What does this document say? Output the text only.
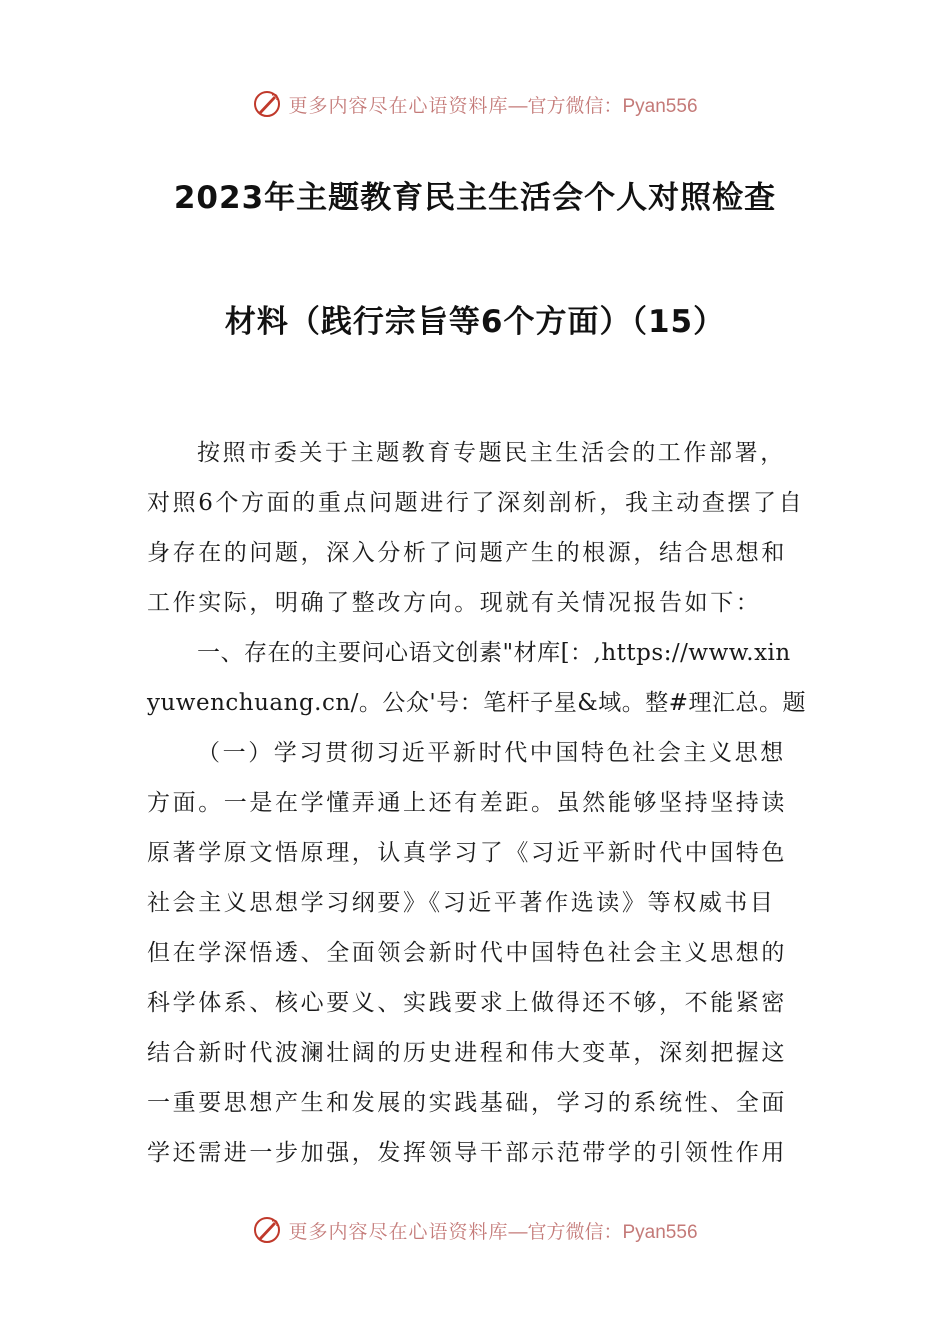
更多内容尽在心语资料库 —官方微信：Pyan556
2023年主题教育民主生活会个人对照检查
材料（践行宗旨等6个方面）（15）
按照市委关于主题教育专题民主生活会的工作部署，
对照6个方面的重点问题进行了深刻剖析，我主动查摆了自
身存在的问题，深入分析了问题产生的根源，结合思想和
工作实际，明确了整改方向。现就有关情况报告如下：
一、存在的主要问心语文创素"材库[：,https://www.xin
yuwenchuang.cn/。公众'号：笔杆子星&域。整#理汇总。题
（一）学习贯彻习近平新时代中国特色社会主义思想
方面。一是在学懂弄通上还有差距。虽然能够坚持坚持读
原著学原文悟原理，认真学习了《习近平新时代中国特色
社会主义思想学习纲要》《习近平著作选读》等权威书目
但在学深悟透、全面领会新时代中国特色社会主义思想的
科学体系、核心要义、实践要求上做得还不够，不能紧密
结合新时代波澜壮阔的历史进程和伟大变革，深刻把握这
一重要思想产生和发展的实践基础，学习的系统性、全面
学还需进一步加强，发挥领导干部示范带学的引领性作用
更多内容尽在心语资料库 —官方微信：Pyan556
